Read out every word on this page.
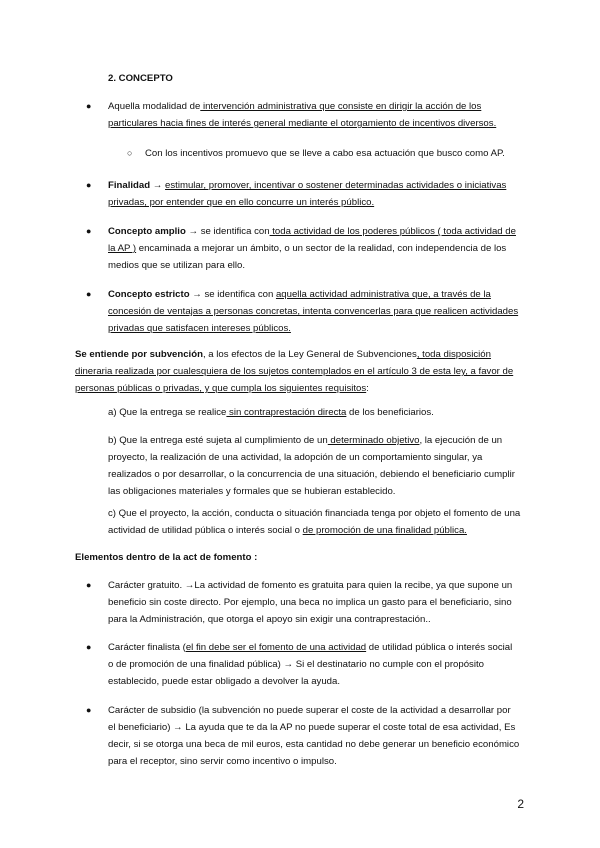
2. CONCEPTO
● Aquella modalidad de intervención administrativa que consiste en dirigir la acción de los particulares hacia fines de interés general mediante el otorgamiento de incentivos diversos.
○ Con los incentivos promuevo que se lleve a cabo esa actuación que busco como AP.
● Finalidad → estimular, promover, incentivar o sostener determinadas actividades o iniciativas privadas, por entender que en ello concurre un interés público.
● Concepto amplio → se identifica con toda actividad de los poderes públicos ( toda actividad de la AP ) encaminada a mejorar un ámbito, o un sector de la realidad, con independencia de los medios que se utilizan para ello.
● Concepto estricto → se identifica con aquella actividad administrativa que, a través de la concesión de ventajas a personas concretas, intenta convencerlas para que realicen actividades privadas que satisfacen intereses públicos.
Se entiende por subvención, a los efectos de la Ley General de Subvenciones, toda disposición dineraria realizada por cualesquiera de los sujetos contemplados en el artículo 3 de esta ley, a favor de personas públicas o privadas, y que cumpla los siguientes requisitos:
a) Que la entrega se realice sin contraprestación directa de los beneficiarios.
b) Que la entrega esté sujeta al cumplimiento de un determinado objetivo, la ejecución de un proyecto, la realización de una actividad, la adopción de un comportamiento singular, ya realizados o por desarrollar, o la concurrencia de una situación, debiendo el beneficiario cumplir las obligaciones materiales y formales que se hubieran establecido.
c) Que el proyecto, la acción, conducta o situación financiada tenga por objeto el fomento de una actividad de utilidad pública o interés social o de promoción de una finalidad pública.
Elementos dentro de la act de fomento :
● Carácter gratuito. →La actividad de fomento es gratuita para quien la recibe, ya que supone un beneficio sin coste directo. Por ejemplo, una beca no implica un gasto para el beneficiario, sino para la Administración, que otorga el apoyo sin exigir una contraprestación..
● Carácter finalista (el fin debe ser el fomento de una actividad de utilidad pública o interés social o de promoción de una finalidad pública) → Si el destinatario no cumple con el propósito establecido, puede estar obligado a devolver la ayuda.
● Carácter de subsidio (la subvención no puede superar el coste de la actividad a desarrollar por el beneficiario) → La ayuda que te da la AP no puede superar el coste total de esa actividad, Es decir, si se otorga una beca de mil euros, esta cantidad no debe generar un beneficio económico para el receptor, sino servir como incentivo o impulso.
2
